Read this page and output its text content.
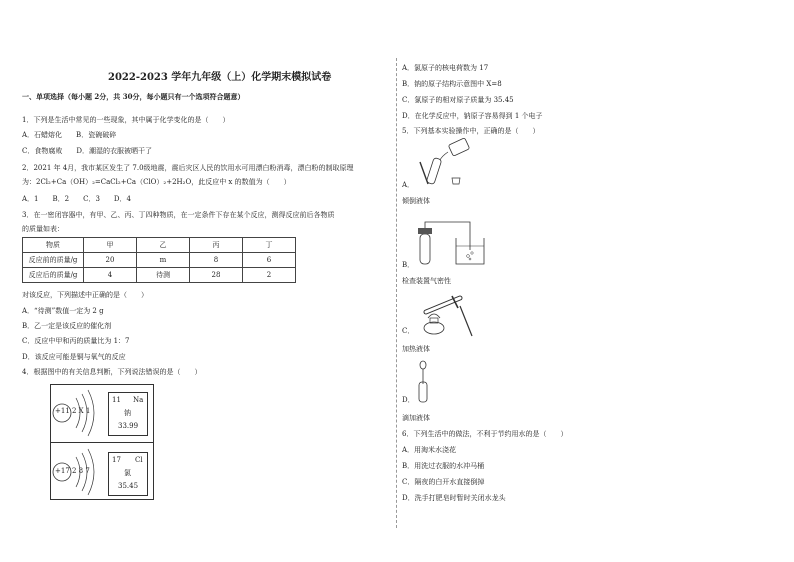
2022-2023 学年九年级（上）化学期末模拟试卷
一、单项选择（每小题 2分，共 30分，每小题只有一个选项符合题意）
1．下列是生活中常见的一些现象，其中属于化学变化的是（　　）
A．石蜡熔化　　B．瓷碗破碎
C．食物腐败　　D．潮湿的衣服被晒干了
2．2021 年 4月，我市某区发生了 7.0级地震，震后灾区人民的饮用水可用漂白粉消毒，漂白粉的制取原理
为：2Cl₂+Ca（OH）₂=CaCl₂+Ca（ClO）₂+2H₂O，此反应中 x 的数值为（　　）
A．1　　B．2　　C．3　　D．4
3．在一密闭容器中，有甲、乙、丙、丁四种物质，在一定条件下存在某个反应，测得反应前后各物质
的质量如表：
物质	甲	乙	丙	丁
反应前的质量/g	20	m	8	6
反应后的质量/g	4	待测	28	2
对该反应，下列描述中正确的是（　　）
A．“待测”数值一定为 2 g
B．乙一定是该反应的催化剂
C．反应中甲和丙的质量比为 1：7
D．该反应可能是铜与氧气的反应
4．根据图中的有关信息判断，下列说法错误的是（　　）
+11 2 X 1
+17 2 8 7
11 Na
钠
33.99
17 Cl
氯
35.45
A．氯原子的核电荷数为 17
B．钠的原子结构示意图中 X=8
C．氯原子的相对原子质量为 35.45
D．在化学反应中，钠原子容易得到 1 个电子
5．下列基本实验操作中，正确的是（　　）
A．
倾倒液体
B．
检查装置气密性
C．
加热液体
D．
滴加液体
6．下列生活中的做法，不利于节约用水的是（　　）
A．用淘米水浇花
B．用洗过衣服的水冲马桶
C．隔夜的白开水直接倒掉
D．洗手打肥皂时暂时关闭水龙头
